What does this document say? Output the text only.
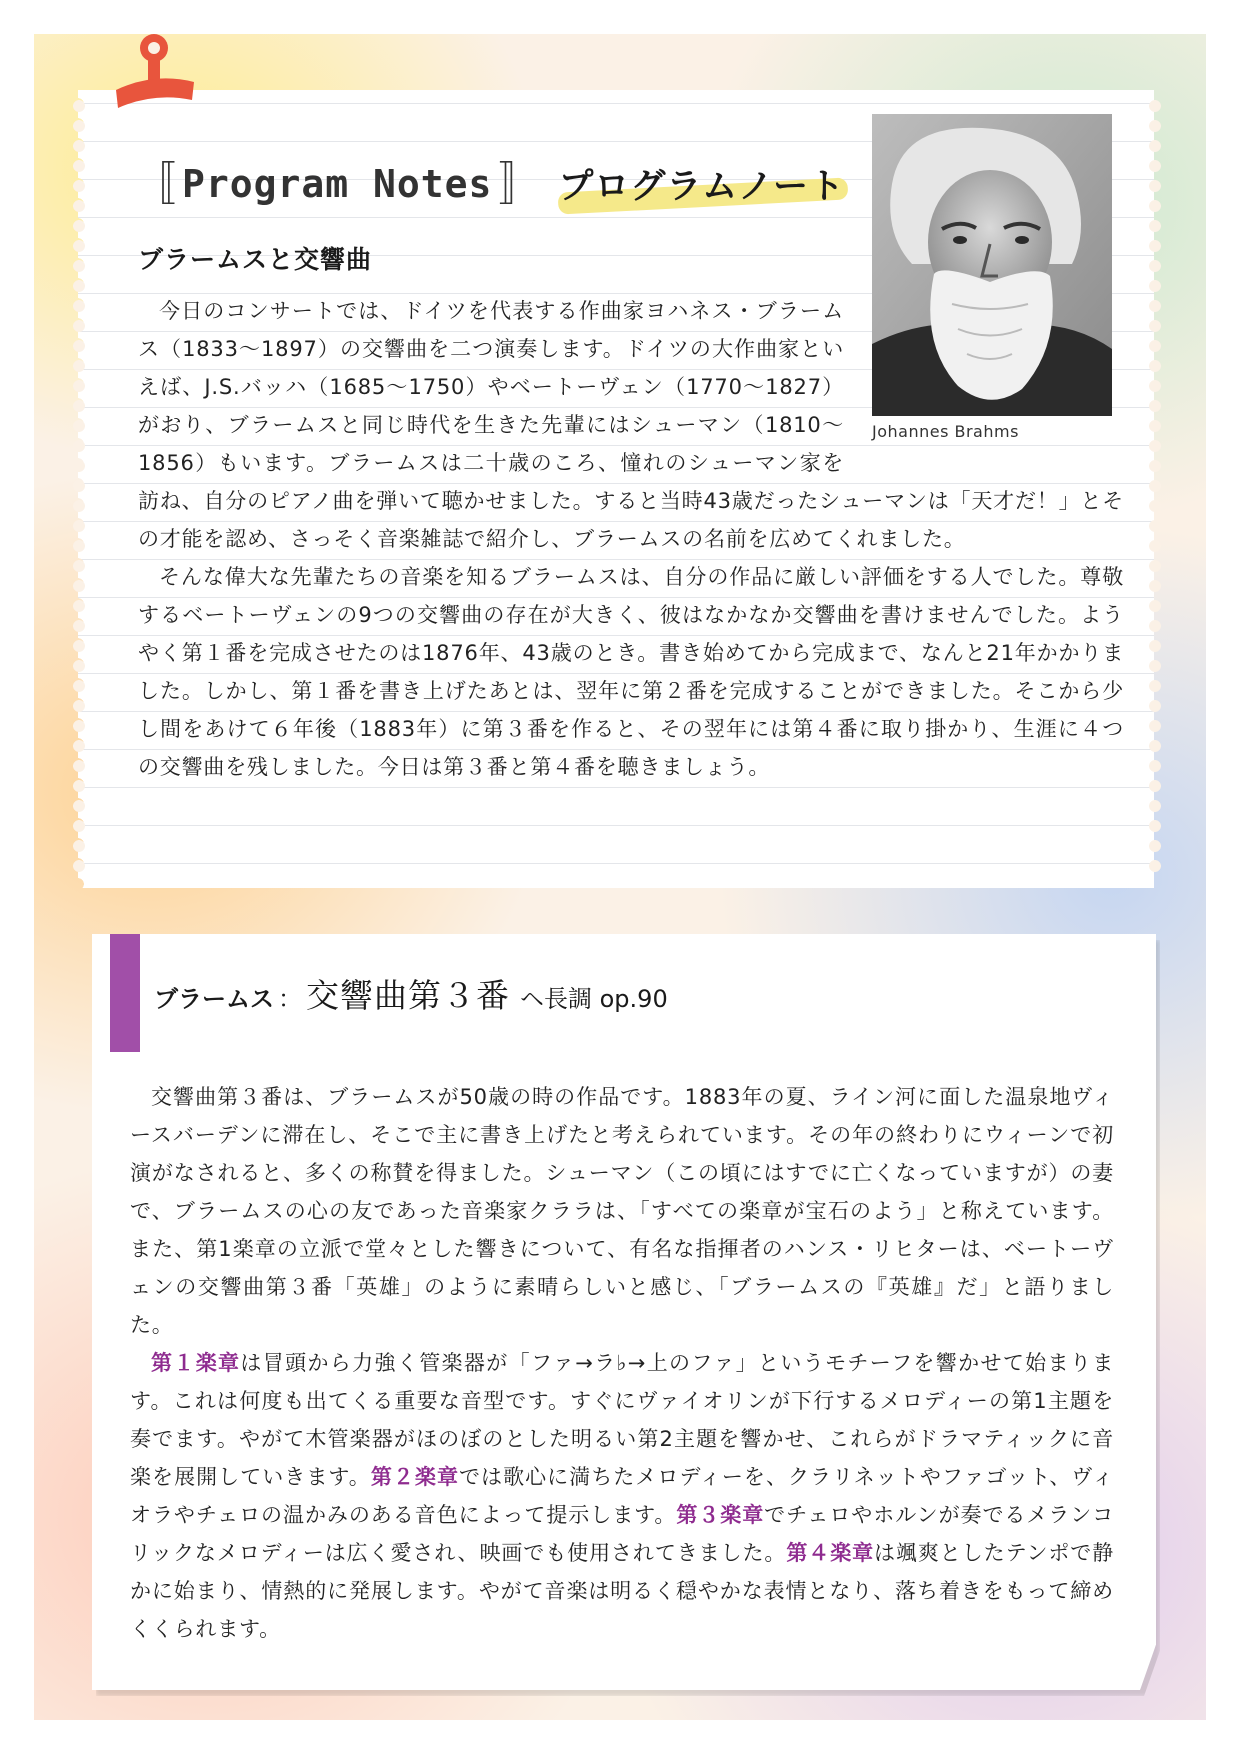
〚 Program Notes 〛 プログラムノート
Johannes Brahms
ブラームスと交響曲

今日のコンサートでは、ドイツを代表する作曲家ヨハネス・ブラームス（1833〜1897）の交響曲を二つ演奏します。ドイツの大作曲家といえば、J.S.バッハ（1685〜1750）やベートーヴェン（1770〜1827）がおり、ブラームスと同じ時代を生きた先輩にはシューマン（1810〜1856）もいます。ブラームスは二十歳のころ、憧れのシューマン家を訪ね、自分のピアノ曲を弾いて聴かせました。すると当時43歳だったシューマンは「天才だ！」とその才能を認め、さっそく音楽雑誌で紹介し、ブラームスの名前を広めてくれました。

そんな偉大な先輩たちの音楽を知るブラームスは、自分の作品に厳しい評価をする人でした。尊敬するベートーヴェンの9つの交響曲の存在が大きく、彼はなかなか交響曲を書けませんでした。ようやく第１番を完成させたのは1876年、43歳のとき。書き始めてから完成まで、なんと21年かかりました。しかし、第１番を書き上げたあとは、翌年に第２番を完成することができました。そこから少し間をあけて６年後（1883年）に第３番を作ると、その翌年には第４番に取り掛かり、生涯に４つの交響曲を残しました。今日は第３番と第４番を聴きましょう。

ブラームス ： 交響曲第３番 ヘ長調 op.90

交響曲第３番は、ブラームスが50歳の時の作品です。1883年の夏、ライン河に面した温泉地ヴィースバーデンに滞在し、そこで主に書き上げたと考えられています。その年の終わりにウィーンで初演がなされると、多くの称賛を得ました。シューマン（この頃にはすでに亡くなっていますが）の妻で、ブラームスの心の友であった音楽家クララは、「すべての楽章が宝石のよう」と称えています。また、第1楽章の立派で堂々とした響きについて、有名な指揮者のハンス・リヒターは、ベートーヴェンの交響曲第３番「英雄」のように素晴らしいと感じ、「ブラームスの『英雄』だ」と語りました。

第１楽章は冒頭から力強く管楽器が「ファ→ラ♭→上のファ」というモチーフを響かせて始まります。これは何度も出てくる重要な音型です。すぐにヴァイオリンが下行するメロディーの第1主題を奏でます。やがて木管楽器がほのぼのとした明るい第2主題を響かせ、これらがドラマティックに音楽を展開していきます。第２楽章では歌心に満ちたメロディーを、クラリネットやファゴット、ヴィオラやチェロの温かみのある音色によって提示します。第３楽章でチェロやホルンが奏でるメランコリックなメロディーは広く愛され、映画でも使用されてきました。第４楽章は颯爽としたテンポで静かに始まり、情熱的に発展します。やがて音楽は明るく穏やかな表情となり、落ち着きをもって締めくくられます。
